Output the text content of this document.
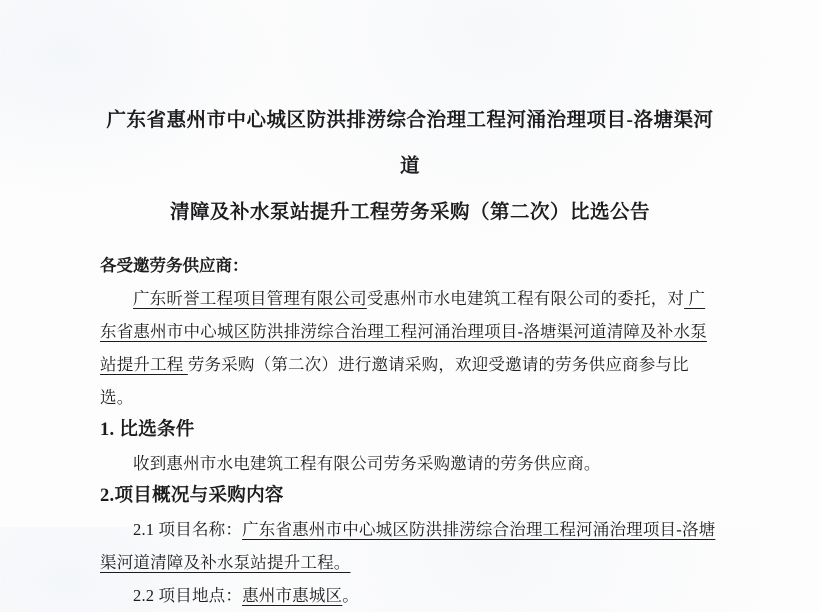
广东省惠州市中心城区防洪排涝综合治理工程河涌治理项目-洛塘渠河道
清障及补水泵站提升工程劳务采购（第二次）比选公告
各受邀劳务供应商：
广东昕誉工程项目管理有限公司受惠州市水电建筑工程有限公司的委托，对 广
东省惠州市中心城区防洪排涝综合治理工程河涌治理项目-洛塘渠河道清障及补水泵
站提升工程 劳务采购（第二次）进行邀请采购，欢迎受邀请的劳务供应商参与比选。
1. 比选条件
收到惠州市水电建筑工程有限公司劳务采购邀请的劳务供应商。
2.项目概况与采购内容
2.1 项目名称：广东省惠州市中心城区防洪排涝综合治理工程河涌治理项目-洛塘
渠河道清障及补水泵站提升工程。
2.2 项目地点：惠州市惠城区。
